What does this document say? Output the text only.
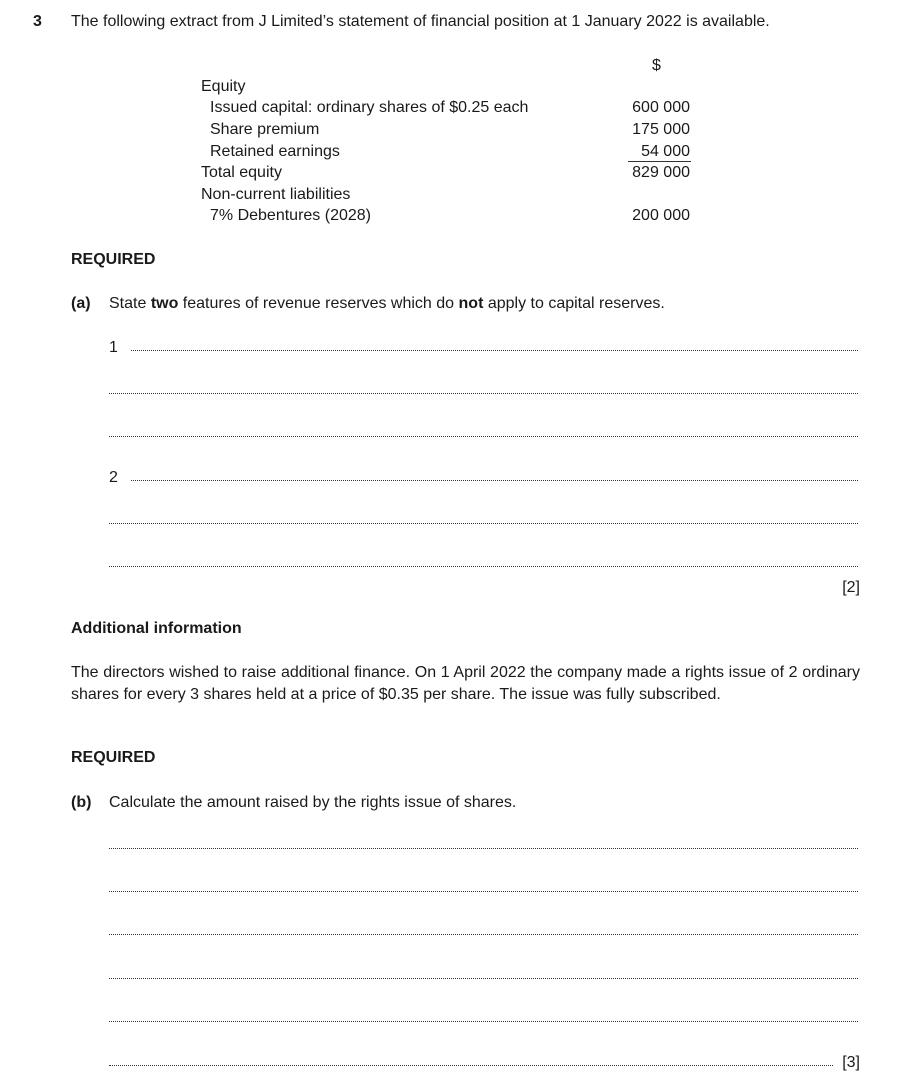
3 The following extract from J Limited’s statement of financial position at 1 January 2022 is available.
$
Equity
Issued capital: ordinary shares of $0.25 each	600 000
Share premium	175 000
Retained earnings	54 000
Total equity	829 000
Non-current liabilities
7% Debentures (2028)	200 000
REQUIRED
(a) State two features of revenue reserves which do not apply to capital reserves.
1
2
[2]
Additional information
The directors wished to raise additional finance. On 1 April 2022 the company made a rights issue of 2 ordinary shares for every 3 shares held at a price of $0.35 per share. The issue was fully subscribed.
REQUIRED
(b) Calculate the amount raised by the rights issue of shares.
[3]
